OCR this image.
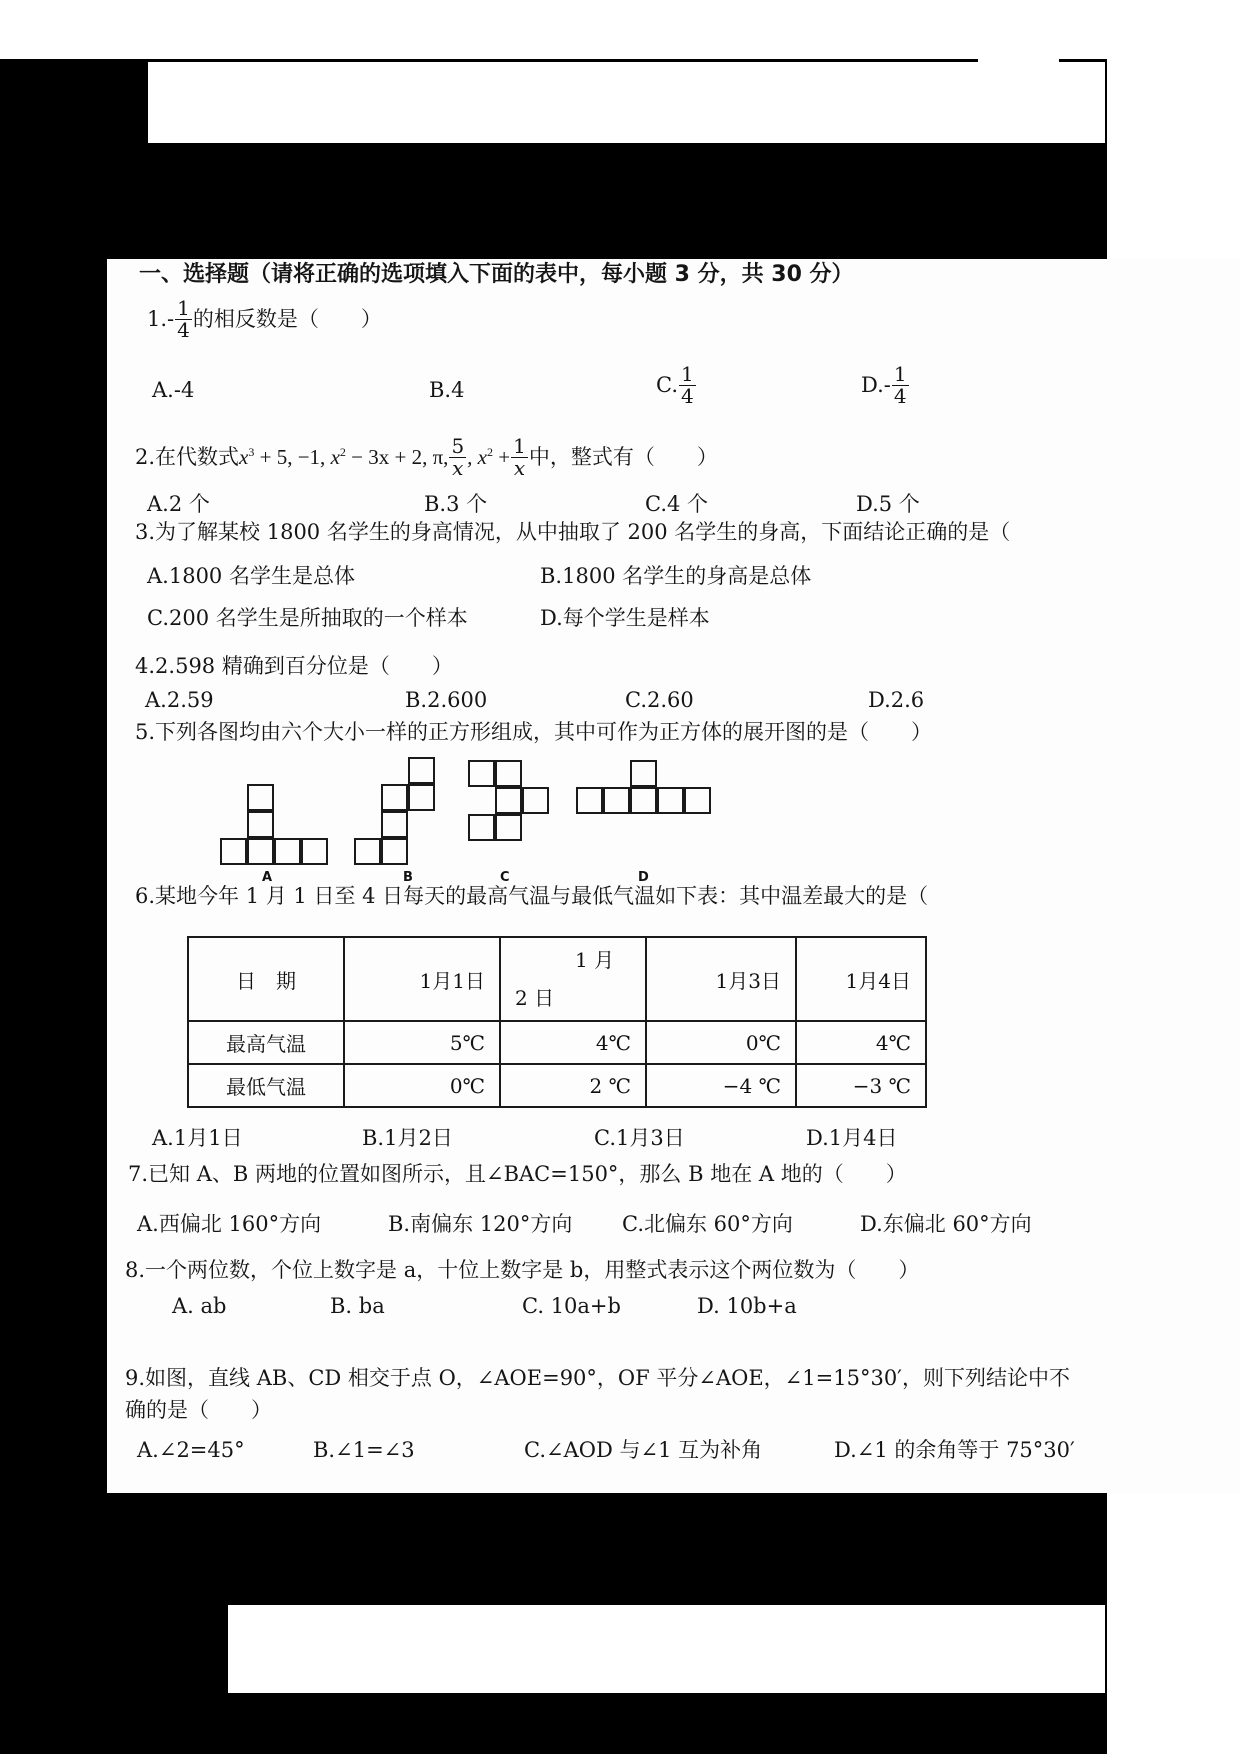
一、选择题（请将正确的选项填入下面的表中，每小题 3 分，共 30 分）
1. - $\frac{1}{4}$ 的相反数是（　　）
A.-4	B.4	C. $\frac{1}{4}$	D. - $\frac{1}{4}$
2. 在代数式 $x^3 + 5$, −1, $x^2 - 3x + 2$, π, $\frac{5}{x}$ , $x^2 + \frac{1}{x}$ 中，整式有（　　）
A.2 个	B.3 个	C.4 个	D.5 个
3.为了解某校 1800 名学生的身高情况，从中抽取了 200 名学生的身高，下面结论正确的是（
A.1800 名学生是总体	B.1800 名学生的身高是总体
C.200 名学生是所抽取的一个样本	D.每个学生是样本
4.2.598 精确到百分位是（　　）
A.2.59	B.2.600	C.2.60	D.2.6
5.下列各图均由六个大小一样的正方形组成，其中可作为正方体的展开图的是（　　）
A	B	C	D
6.某地今年 1 月 1 日至 4 日每天的最高气温与最低气温如下表：其中温差最大的是（
日　期	1月1日	1 月 2 日	1月3日	1月4日
最高气温	5℃	4℃	0℃	4℃
最低气温	0℃	2 ℃	−4 ℃	−3 ℃
A.1月1日	B.1月2日	C.1月3日	D.1月4日
7.已知 A、B 两地的位置如图所示，且∠BAC=150°，那么 B 地在 A 地的（　　）
A.西偏北 160°方向	B.南偏东 120°方向 C.北偏东 60°方向	D.东偏北 60°方向
8.一个两位数，个位上数字是 a，十位上数字是 b，用整式表示这个两位数为（　　）
A. ab	B. ba	C. 10a+b	D. 10b+a
9.如图，直线 AB、CD 相交于点 O，∠AOE=90°，OF 平分∠AOE，∠1=15°30′，则下列结论中不
确的是（　　）
A.∠2=45°	B.∠1=∠3	C.∠AOD 与∠1 互为补角	D.∠1 的余角等于 75°30′
